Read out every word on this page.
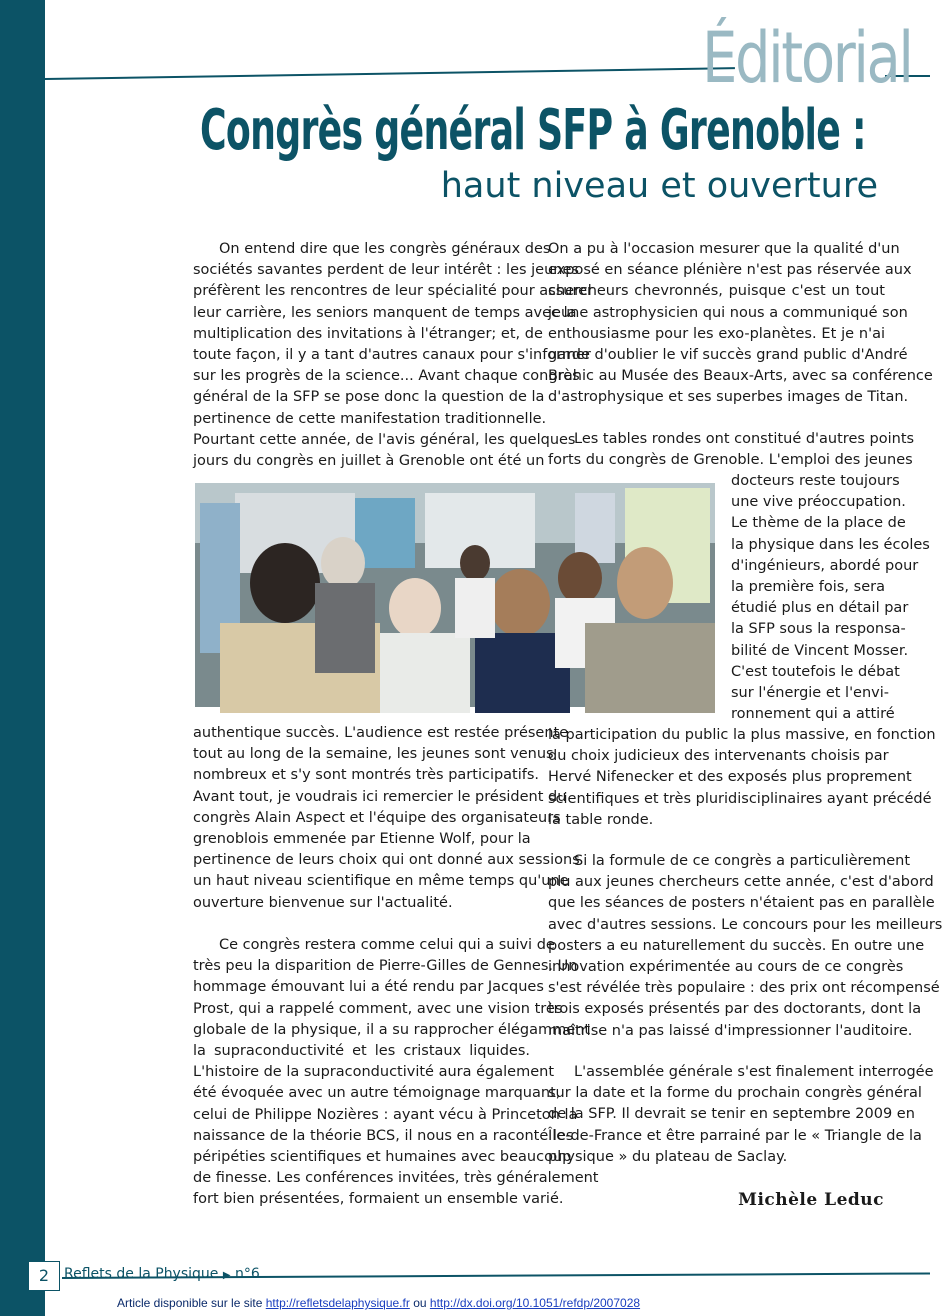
Éditorial
Congrès général SFP à Grenoble :
haut niveau et ouverture
On entend dire que les congrès généraux des
sociétés savantes perdent de leur intérêt : les jeunes
préfèrent les rencontres de leur spécialité pour assurer
leur carrière, les seniors manquent de temps avec la
multiplication des invitations à l'étranger; et, de
toute façon, il y a tant d'autres canaux pour s'informer
sur les progrès de la science... Avant chaque congrès
général de la SFP se pose donc la question de la
pertinence de cette manifestation traditionnelle.
Pourtant cette année, de l'avis général, les quelques
jours du congrès en juillet à Grenoble ont été un
authentique succès. L'audience est restée présente
tout au long de la semaine, les jeunes sont venus
nombreux et s'y sont montrés très participatifs.
Avant tout, je voudrais ici remercier le président du
congrès Alain Aspect et l'équipe des organisateurs
grenoblois emmenée par Etienne Wolf, pour la
pertinence de leurs choix qui ont donné aux sessions
un haut niveau scientifique en même temps qu'une
ouverture bienvenue sur l'actualité.
Ce congrès restera comme celui qui a suivi de
très peu la disparition de Pierre-Gilles de Gennes. Un
hommage émouvant lui a été rendu par Jacques
Prost, qui a rappelé comment, avec une vision très
globale de la physique, il a su rapprocher élégamment
la supraconductivité et les cristaux liquides.
L'histoire de la supraconductivité aura également
été évoquée avec un autre témoignage marquant,
celui de Philippe Nozières : ayant vécu à Princeton la
naissance de la théorie BCS, il nous en a raconté les
péripéties scientifiques et humaines avec beaucoup
de finesse. Les conférences invitées, très généralement
fort bien présentées, formaient un ensemble varié.
On a pu à l'occasion mesurer que la qualité d'un
exposé en séance plénière n'est pas réservée aux
chercheurs chevronnés, puisque c'est un tout
jeune astrophysicien qui nous a communiqué son
enthousiasme pour les exo-planètes. Et je n'ai
garde d'oublier le vif succès grand public d'André
Brahic au Musée des Beaux-Arts, avec sa conférence
d'astrophysique et ses superbes images de Titan.
Les tables rondes ont constitué d'autres points
forts du congrès de Grenoble. L'emploi des jeunes
docteurs reste toujours
une vive préoccupation.
Le thème de la place de
la physique dans les écoles
d'ingénieurs, abordé pour
la première fois, sera
étudié plus en détail par
la SFP sous la responsa-
bilité de Vincent Mosser.
C'est toutefois le débat
sur l'énergie et l'envi-
ronnement qui a attiré
la participation du public la plus massive, en fonction
du choix judicieux des intervenants choisis par
Hervé Nifenecker et des exposés plus proprement
scientifiques et très pluridisciplinaires ayant précédé
la table ronde.
Si la formule de ce congrès a particulièrement
plu aux jeunes chercheurs cette année, c'est d'abord
que les séances de posters n'étaient pas en parallèle
avec d'autres sessions. Le concours pour les meilleurs
posters a eu naturellement du succès. En outre une
innovation expérimentée au cours de ce congrès
s'est révélée très populaire : des prix ont récompensé
trois exposés présentés par des doctorants, dont la
maîtrise n'a pas laissé d'impressionner l'auditoire.
L'assemblée générale s'est finalement interrogée
sur la date et la forme du prochain congrès général
de la SFP. Il devrait se tenir en septembre 2009 en
Île-de-France et être parrainé par le « Triangle de la
physique » du plateau de Saclay.
Michèle Leduc
2	Reflets de la Physique ▶ n°6
Article disponible sur le site http://refletsdelaphysique.fr ou http://dx.doi.org/10.1051/refdp/2007028
